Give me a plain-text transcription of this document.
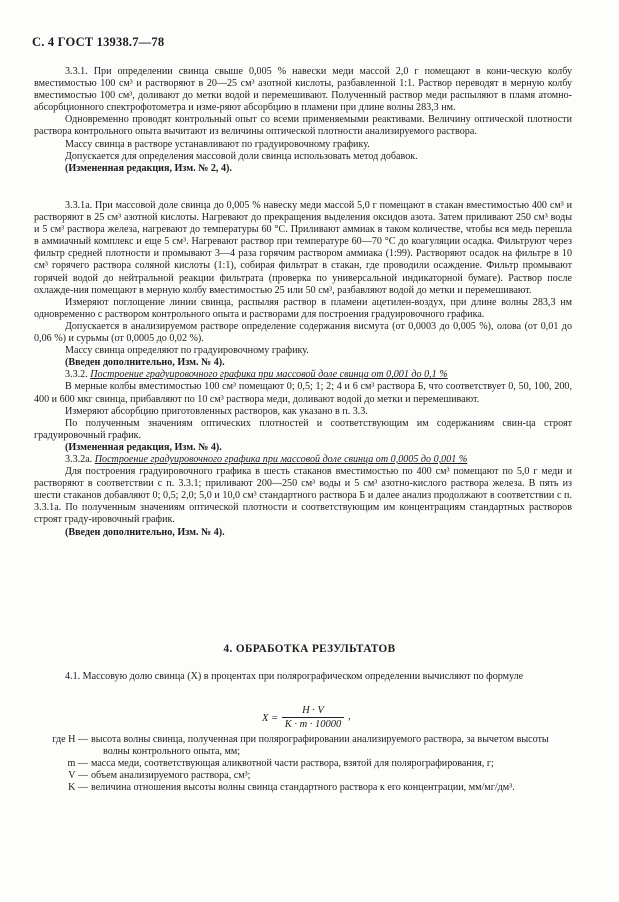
С. 4 ГОСТ 13938.7—78

3.3.1. При определении свинца свыше 0,005 % навески меди массой 2,0 г помещают в кони-ческую колбу вместимостью 100 см³ и растворяют в 20—25 см³ азотной кислоты, разбавленной 1:1. Раствор переводят в мерную колбу вместимостью 100 см³, доливают до метки водой и перемешивают. Полученный раствор меди распыляют в пламя атомно-абсорбционного спектрофотометра и изме-ряют абсорбцию в пламени при длине волны 283,3 нм.

Одновременно проводят контрольный опыт со всеми применяемыми реактивами. Величину оптической плотности раствора контрольного опыта вычитают из величины оптической плотности анализируемого раствора.

Массу свинца в растворе устанавливают по градуировочному графику.

Допускается для определения массовой доли свинца использовать метод добавок.

(Измененная редакция, Изм. № 2, 4).

3.3.1а. При массовой доле свинца до 0,005 % навеску меди массой 5,0 г помещают в стакан вместимостью 400 см³ и растворяют в 25 см³ азотной кислоты. Нагревают до прекращения выделения оксидов азота. Затем приливают 250 см³ воды и 5 см³ раствора железа, нагревают до температуры 60 °С. Приливают аммиак в таком количестве, чтобы вся медь перешла в аммиачный комплекс и еще 5 см³. Нагревают раствор при температуре 60—70 °С до коагуляции осадка. Фильтруют через фильтр средней плотности и промывают 3—4 раза горячим раствором аммиака (1:99). Растворяют осадок на фильтре в 10 см³ горячего раствора соляной кислоты (1:1), собирая фильтрат в стакан, где проводили осаждение. Фильтр промывают горячей водой до нейтральной реакции фильтрата (проверка по универсальной индикаторной бумаге). Раствор после охлажде-ния помещают в мерную колбу вместимостью 25 или 50 см³, разбавляют водой до метки и перемешивают.

Измеряют поглощение линии свинца, распыляя раствор в пламени ацетилен-воздух, при длине волны 283,3 нм одновременно с раствором контрольного опыта и растворами для построения градуировочного графика.

Допускается в анализируемом растворе определение содержания висмута (от 0,0003 до 0,005 %), олова (от 0,01 до 0,06 %) и сурьмы (от 0,0005 до 0,02 %).

Массу свинца определяют по градуировочному графику.

(Введен дополнительно, Изм. № 4).

3.3.2. Построение градуировочного графика при массовой доле свинца от 0,001 до 0,1 %

В мерные колбы вместимостью 100 см³ помещают 0; 0,5; 1; 2; 4 и 6 см³ раствора Б, что соответствует 0, 50, 100, 200, 400 и 600 мкг свинца, прибавляют по 10 см³ раствора меди, доливают водой до метки и перемешивают.

Измеряют абсорбцию приготовленных растворов, как указано в п. 3.3.

По полученным значениям оптических плотностей и соответствующим им содержаниям свин-ца строят градуировочный график.

(Измененная редакция, Изм. № 4).

3.3.2а. Построение градуировочного графика при массовой доле свинца от 0,0005 до 0,001 %

Для построения градуировочного графика в шесть стаканов вместимостью по 400 см³ помещают по 5,0 г меди и растворяют в соответствии с п. 3.3.1; приливают 200—250 см³ воды и 5 см³ азотно-кислого раствора железа. В пять из шести стаканов добавляют 0; 0,5; 2,0; 5,0 и 10,0 см³ стандартного раствора Б и далее анализ продолжают в соответствии с п. 3.3.1а. По полученным значениям оптической плотности и соответствующим им концентрациям стандартных растворов строят граду-ировочный график.

(Введен дополнительно, Изм. № 4).

4. ОБРАБОТКА РЕЗУЛЬТАТОВ

4.1. Массовую долю свинца (X) в процентах при полярографическом определении вычисляют по формуле

$X = \frac{H \cdot V}{K \cdot m \cdot 10000}$ ,
где H — высота волны свинца, полученная при полярографировании анализируемого раствора, за вычетом высоты волны контрольного опыта, мм;
m — масса меди, соответствующая аликвотной части раствора, взятой для полярографирования, г;
V — объем анализируемого раствора, см³;
K — величина отношения высоты волны свинца стандартного раствора к его концентрации, мм/мг/дм³.
